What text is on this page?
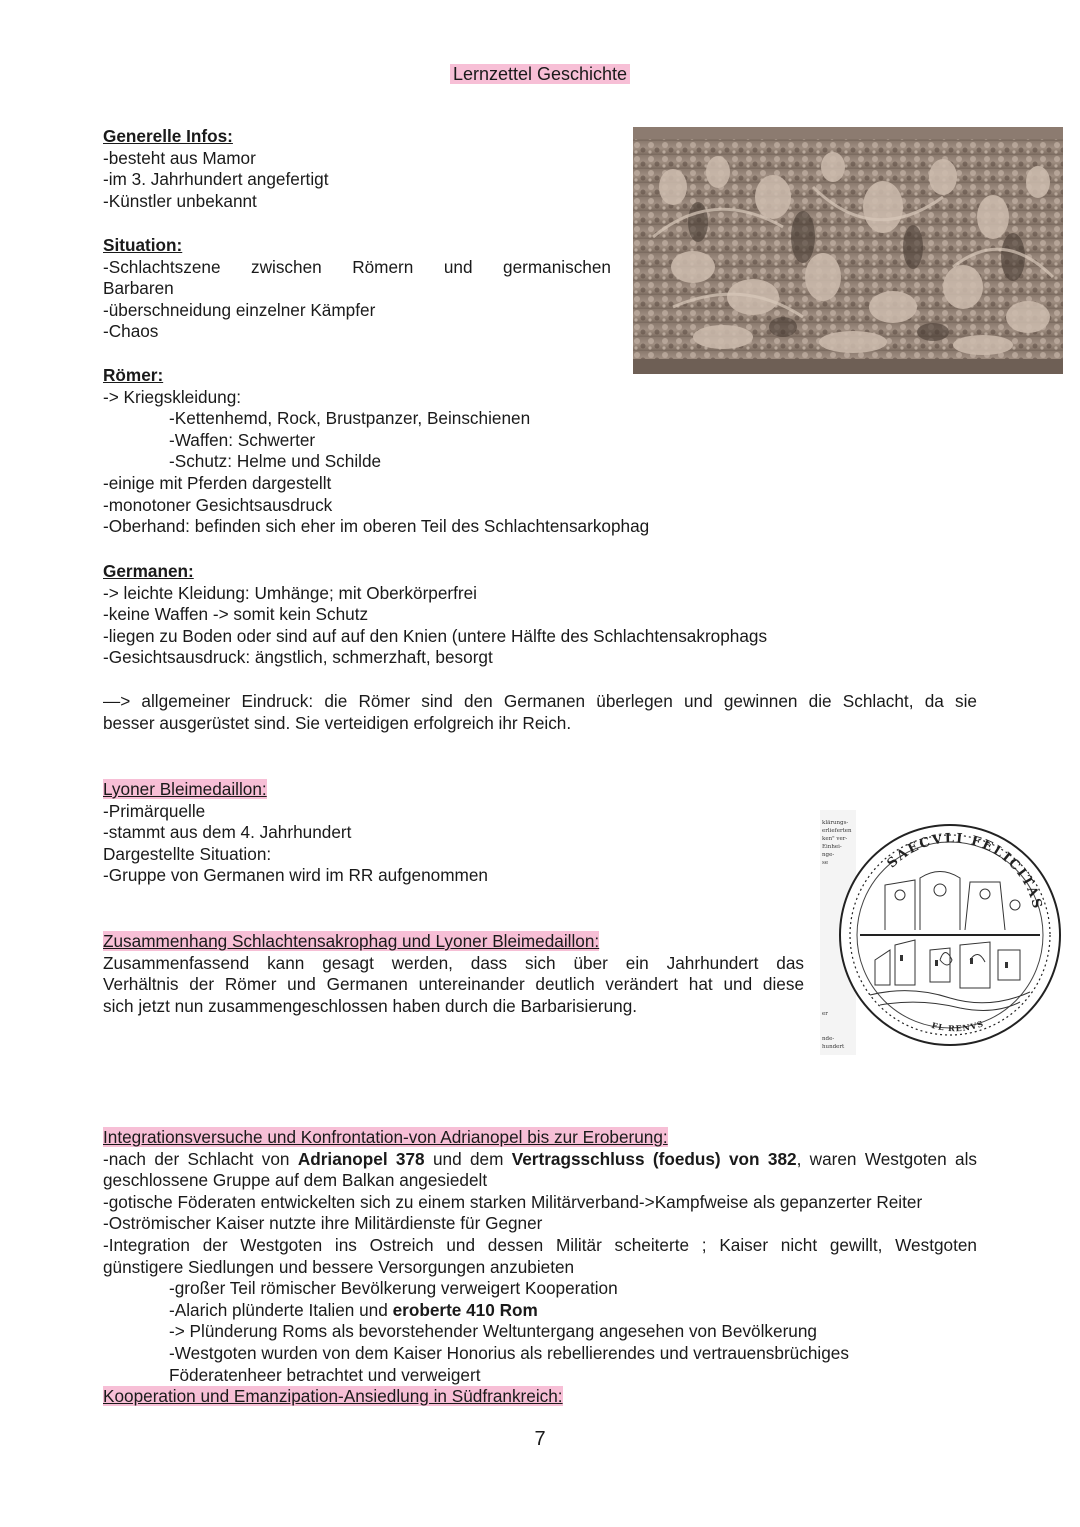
Lernzettel Geschichte
Generelle Infos:
-besteht aus Mamor
-im 3. Jahrhundert angefertigt
-Künstler unbekannt
Situation:
-Schlachtszene zwischen Römern und germanischen
Barbaren
-überschneidung einzelner Kämpfer
-Chaos
Römer:
-> Kriegskleidung:
-Kettenhemd, Rock, Brustpanzer, Beinschienen
-Waffen: Schwerter
-Schutz: Helme und Schilde
-einige mit Pferden dargestellt
-monotoner Gesichtsausdruck
-Oberhand: befinden sich eher im oberen Teil des Schlachtensarkophag
Germanen:
-> leichte Kleidung: Umhänge; mit Oberkörperfrei
-keine Waffen -> somit kein Schutz
-liegen zu Boden oder sind auf auf den Knien (untere Hälfte des Schlachtensakrophags
-Gesichtsausdruck: ängstlich, schmerzhaft, besorgt
—> allgemeiner Eindruck: die Römer sind den Germanen überlegen und gewinnen die Schlacht, da sie
besser ausgerüstet sind. Sie verteidigen erfolgreich ihr Reich.
Lyoner Bleimedaillon:
-Primärquelle
-stammt aus dem 4. Jahrhundert
Dargestellte Situation:
-Gruppe von Germanen wird im RR aufgenommen
klärungs-
erlieferten
ken" ver-
Einhei-
nge-
se
er
nde-
hundert
SAECVLI FELICITAS
FL RENVS
Zusammenhang Schlachtensakrophag und Lyoner Bleimedaillon:
Zusammenfassend kann gesagt werden, dass sich über ein Jahrhundert das
Verhältnis der Römer und Germanen untereinander deutlich verändert hat und diese
sich jetzt nun zusammengeschlossen haben durch die Barbarisierung.
Integrationsversuche und Konfrontation-von Adrianopel bis zur Eroberung:
-nach der Schlacht von Adrianopel 378 und dem Vertragsschluss (foedus) von 382, waren Westgoten als
geschlossene Gruppe auf dem Balkan angesiedelt
-gotische Föderaten entwickelten sich zu einem starken Militärverband->Kampfweise als gepanzerter Reiter
-Oströmischer Kaiser nutzte ihre Militärdienste für Gegner
-Integration der Westgoten ins Ostreich und dessen Militär scheiterte ; Kaiser nicht gewillt, Westgoten
günstigere Siedlungen und bessere Versorgungen anzubieten
-großer Teil römischer Bevölkerung verweigert Kooperation
-Alarich plünderte Italien und eroberte 410 Rom
-> Plünderung Roms als bevorstehender Weltuntergang angesehen von Bevölkerung
-Westgoten wurden von dem Kaiser Honorius als rebellierendes und vertrauensbrüchiges
Föderatenheer betrachtet und verweigert
Kooperation und Emanzipation-Ansiedlung in Südfrankreich:
7
